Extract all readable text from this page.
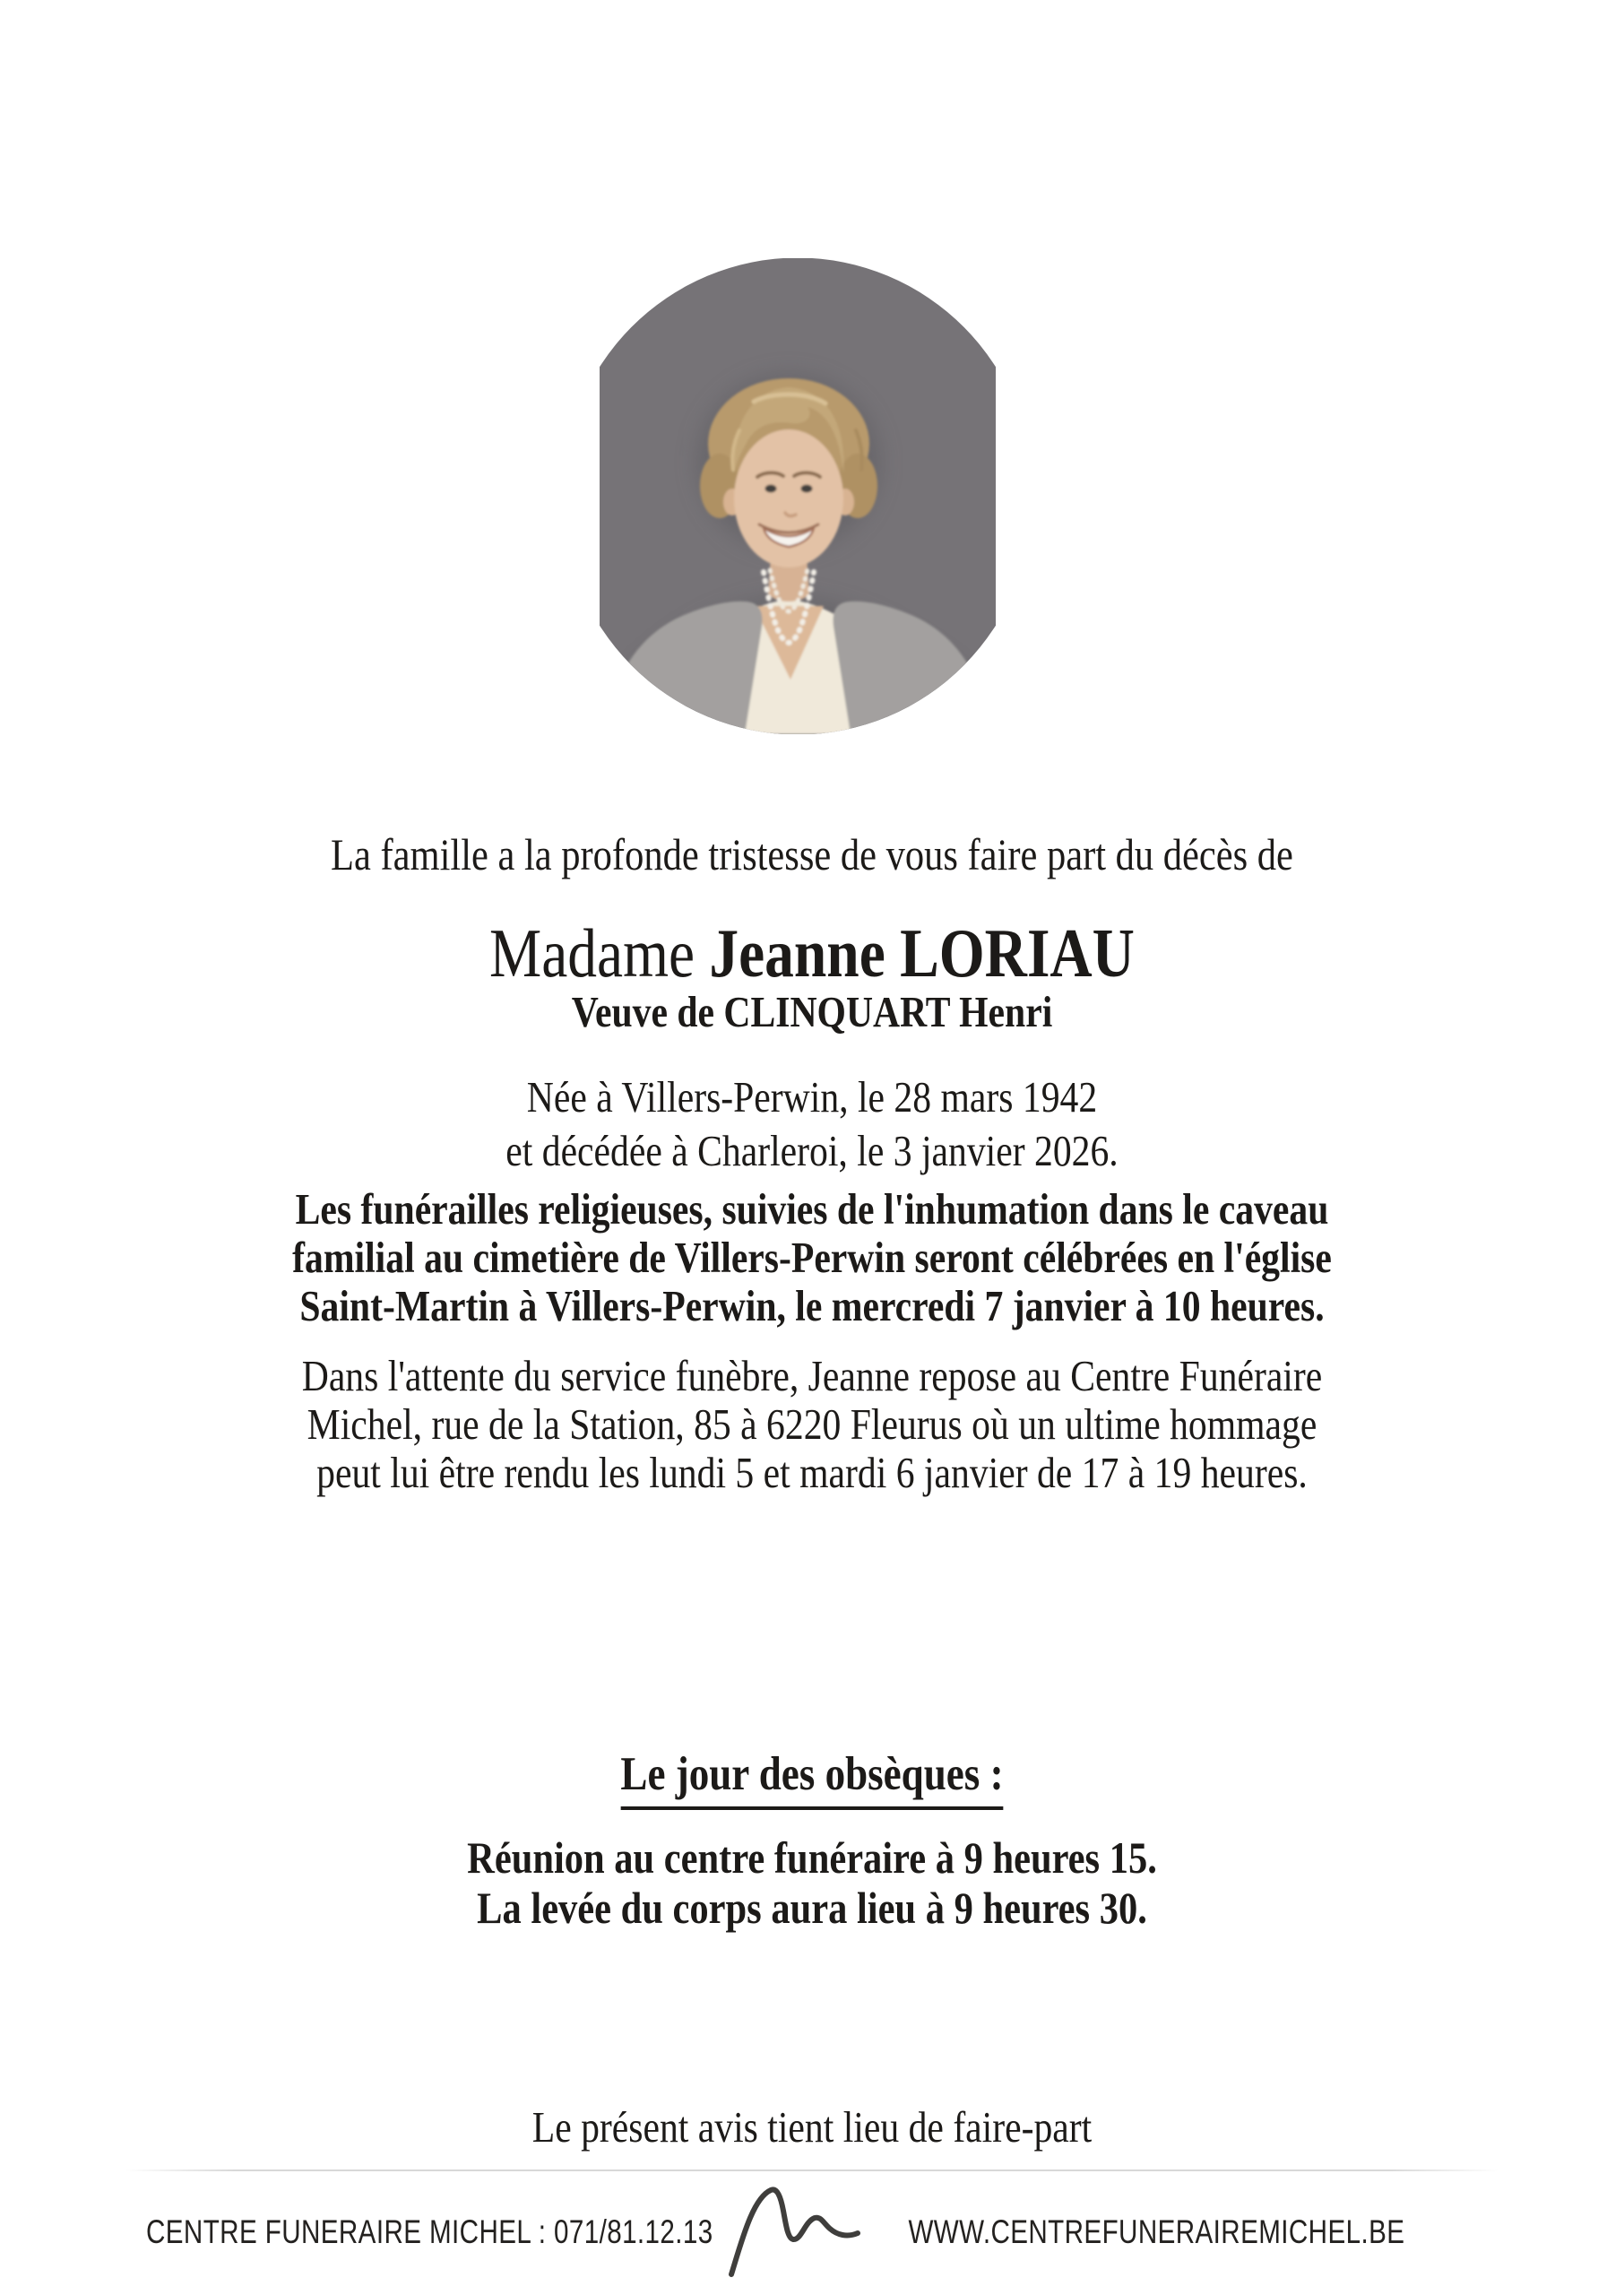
La famille a la profonde tristesse de vous faire part du décès de
Madame Jeanne LORIAU
Veuve de CLINQUART Henri
Née à Villers-Perwin, le 28 mars 1942
et décédée à Charleroi, le 3 janvier 2026.
Les funérailles religieuses, suivies de l'inhumation dans le caveau
familial au cimetière de Villers-Perwin seront célébrées en l'église
Saint-Martin à Villers-Perwin, le mercredi 7 janvier à 10 heures.
Dans l'attente du service funèbre, Jeanne repose au Centre Funéraire
Michel, rue de la Station, 85 à 6220 Fleurus où un ultime hommage
peut lui être rendu les lundi 5 et mardi 6 janvier de 17 à 19 heures.
Le jour des obsèques :
Réunion au centre funéraire à 9 heures 15.
La levée du corps aura lieu à 9 heures 30.
Le présent avis tient lieu de faire-part
CENTRE FUNERAIRE MICHEL : 071/81.12.13	WWW.CENTREFUNERAIREMICHEL.BE
